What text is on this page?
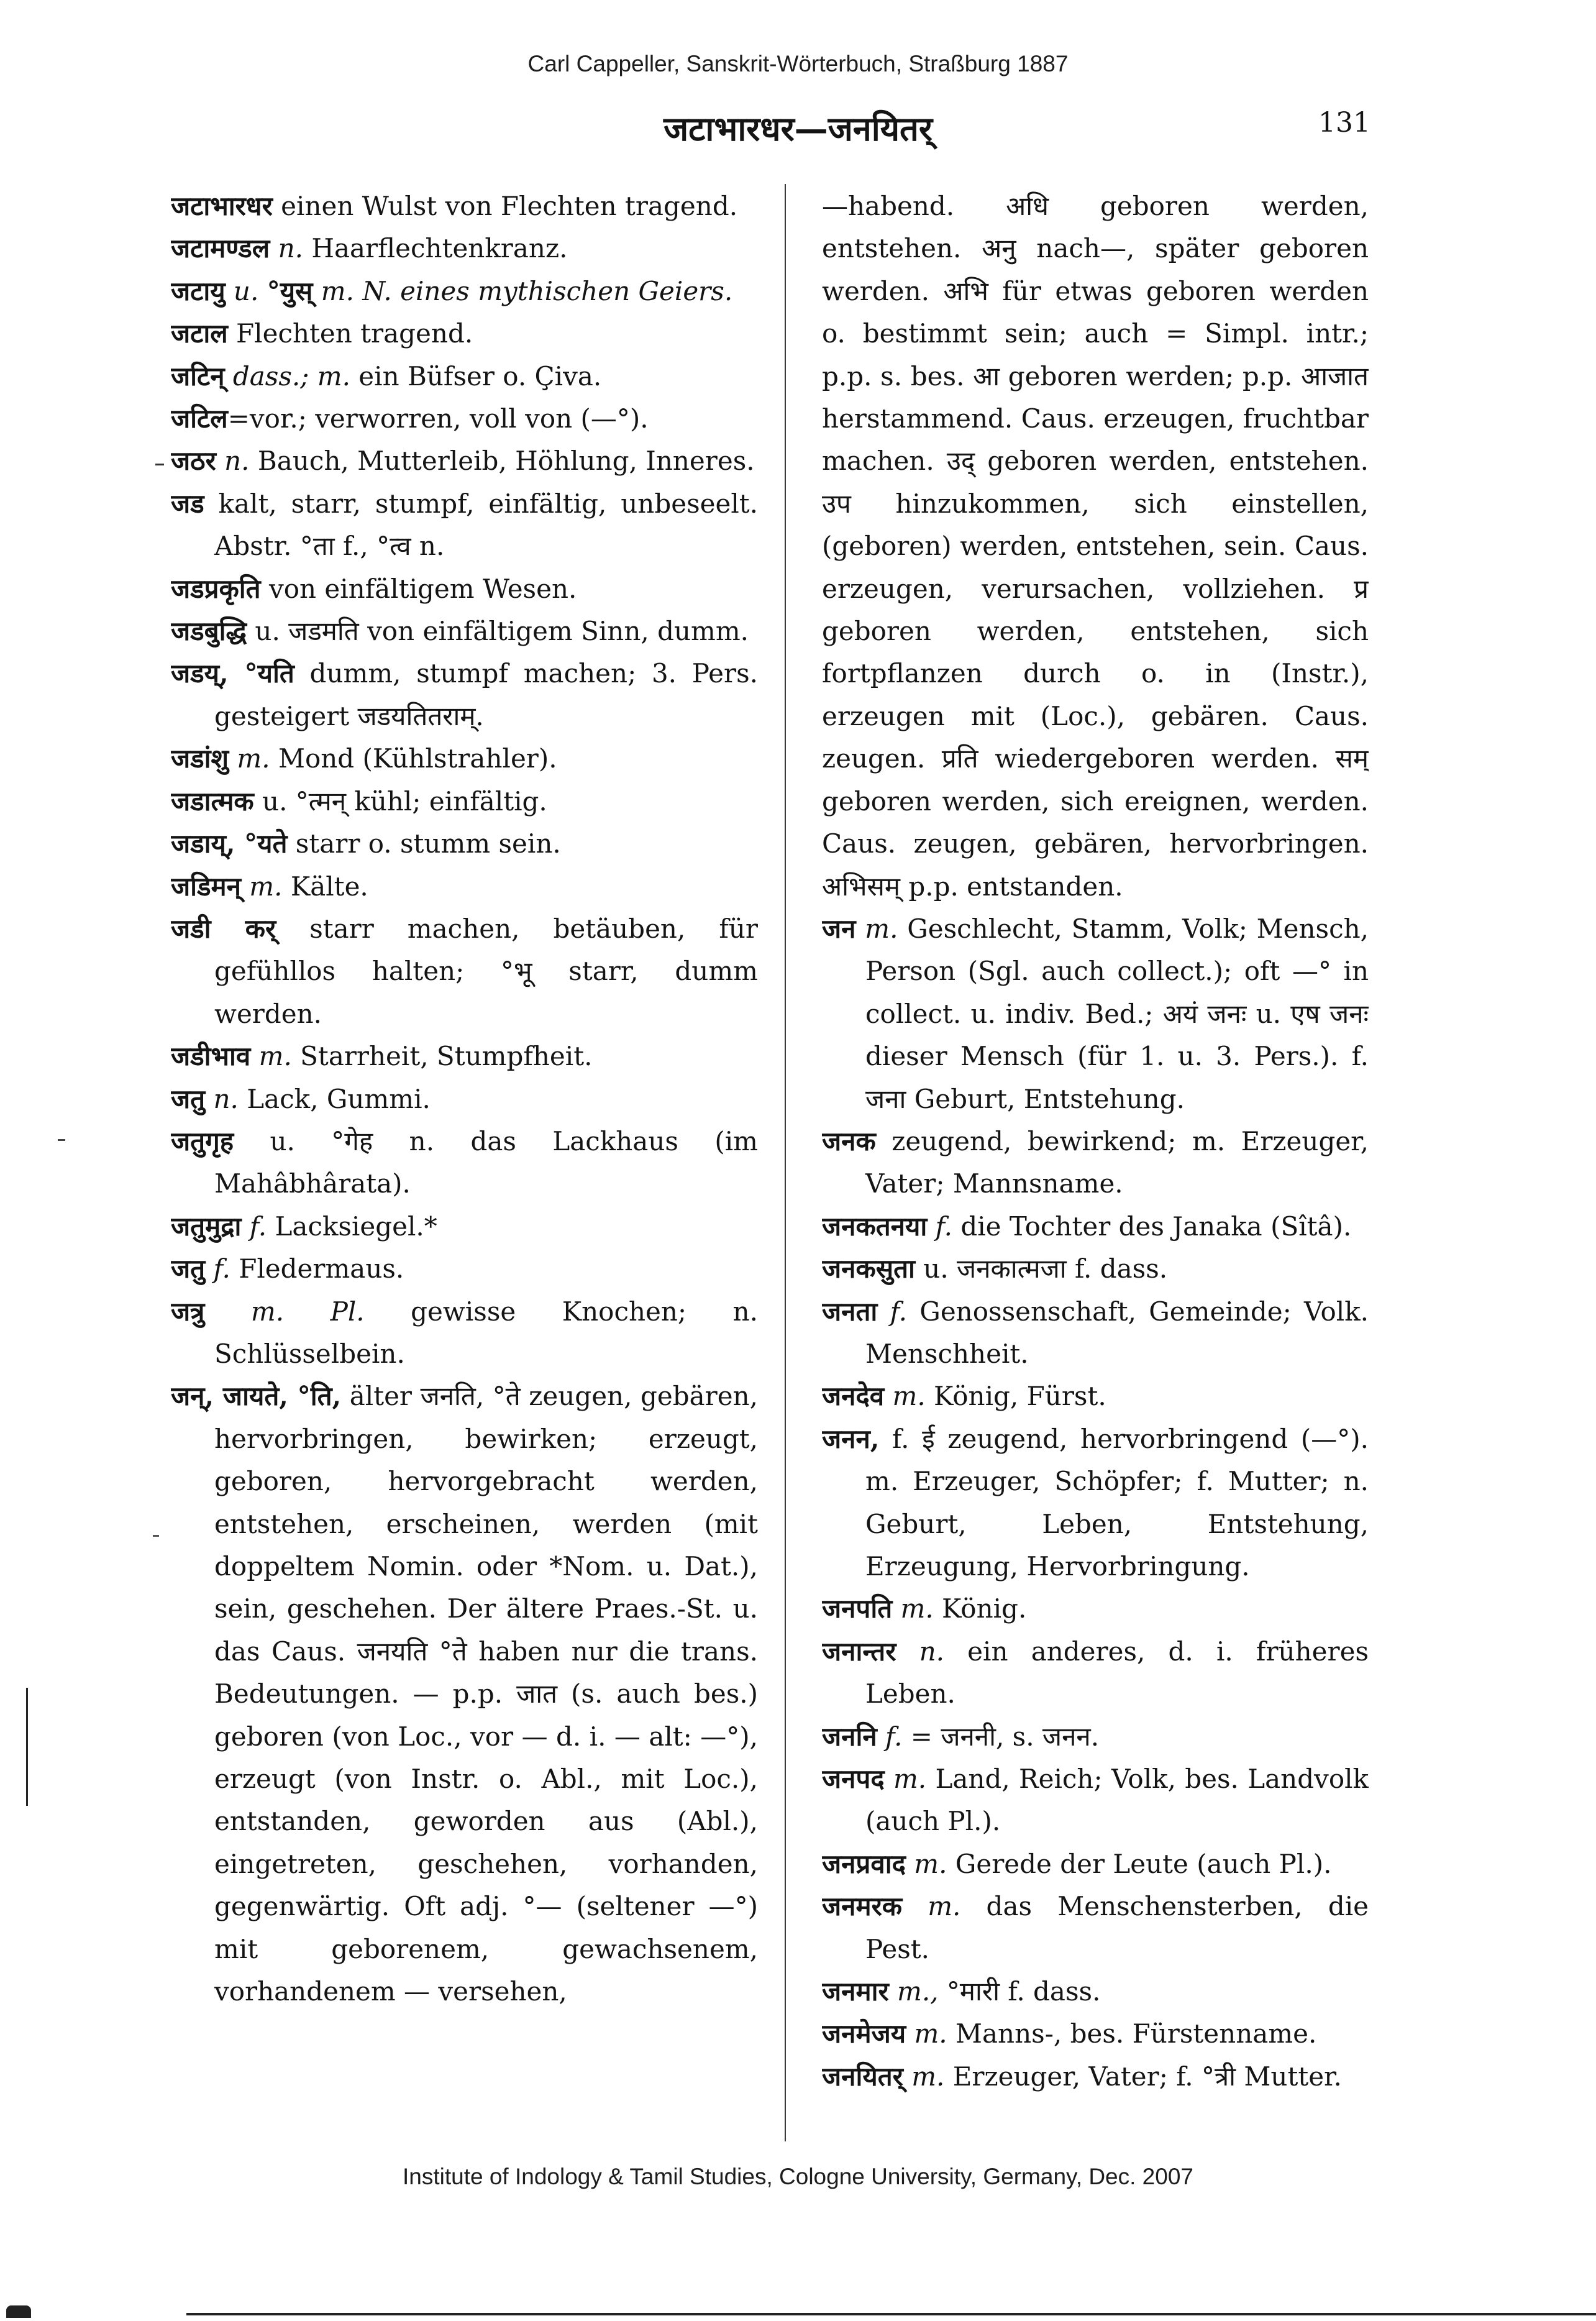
Carl Cappeller, Sanskrit-Wörterbuch, Straßburg 1887
जटाभारधर—जनयितर्	131

जटाभारधर einen Wulst von Flechten tragend.

जटामण्डल n. Haarflechtenkranz.

जटायु u. °युस् m. N. eines mythischen Geiers.

जटाल Flechten tragend.

जटिन् dass.; m. ein Büfser o. Çiva.

जटिल=vor.; verworren, voll von (—°).

जठर n. Bauch, Mutterleib, Höhlung, Inneres.

जड kalt, starr, stumpf, einfältig, unbeseelt. Abstr. °ता f., °त्व n.

जडप्रकृति von einfältigem Wesen.

जडबुद्धि u. जडमति von einfältigem Sinn, dumm.

जडय्, °यति dumm, stumpf machen; 3. Pers. gesteigert जडयतितराम्.

जडांशु m. Mond (Kühlstrahler).

जडात्मक u. °त्मन् kühl; einfältig.

जडाय्, °यते starr o. stumm sein.

जडिमन् m. Kälte.

जडी कर् starr machen, betäuben, für gefühllos halten; °भू starr, dumm werden.

जडीभाव m. Starrheit, Stumpfheit.

जतु n. Lack, Gummi.

जतुगृह u. °गेह n. das Lackhaus (im Mahâbhârata).

जतुमुद्रा f. Lacksiegel.*

जतु f. Fledermaus.

जत्रु m. Pl. gewisse Knochen; n. Schlüsselbein.

जन्, जायते, °ति, älter जनति, °ते zeugen, gebären, hervorbringen, bewirken; erzeugt, geboren, hervorgebracht werden, entstehen, erscheinen, werden (mit doppeltem Nomin. oder *Nom. u. Dat.), sein, geschehen. Der ältere Praes.-St. u. das Caus. जनयति °ते haben nur die trans. Bedeutungen. — p.p. जात (s. auch bes.) geboren (von Loc., vor — d. i. — alt: —°), erzeugt (von Instr. o. Abl., mit Loc.), entstanden, geworden aus (Abl.), eingetreten, geschehen, vorhanden, gegenwärtig. Oft adj. °— (seltener —°) mit geborenem, gewachsenem, vorhandenem — versehen,

—habend. अधि geboren werden, entstehen. अनु nach—, später geboren werden. अभि für etwas geboren werden o. bestimmt sein; auch = Simpl. intr.; p.p. s. bes. आ geboren werden; p.p. आजात herstammend. Caus. erzeugen, fruchtbar machen. उद् geboren werden, entstehen. उप hinzukommen, sich einstellen, (geboren) werden, entstehen, sein. Caus. erzeugen, verursachen, vollziehen. प्र geboren werden, entstehen, sich fortpflanzen durch o. in (Instr.), erzeugen mit (Loc.), gebären. Caus. zeugen. प्रति wiedergeboren werden. सम् geboren werden, sich ereignen, werden. Caus. zeugen, gebären, hervorbringen. अभिसम् p.p. entstanden.

जन m. Geschlecht, Stamm, Volk; Mensch, Person (Sgl. auch collect.); oft —° in collect. u. indiv. Bed.; अयं जनः u. एष जनः dieser Mensch (für 1. u. 3. Pers.). f. जना Geburt, Entstehung.

जनक zeugend, bewirkend; m. Erzeuger, Vater; Mannsname.

जनकतनया f. die Tochter des Janaka (Sîtâ).

जनकसुता u. जनकात्मजा f. dass.

जनता f. Genossenschaft, Gemeinde; Volk. Menschheit.

जनदेव m. König, Fürst.

जनन, f. ई zeugend, hervorbringend (—°). m. Erzeuger, Schöpfer; f. Mutter; n. Geburt, Leben, Entstehung, Erzeugung, Hervorbringung.

जनपति m. König.

जनान्तर n. ein anderes, d. i. früheres Leben.

जननि f. = जननी, s. जनन.

जनपद m. Land, Reich; Volk, bes. Landvolk (auch Pl.).

जनप्रवाद m. Gerede der Leute (auch Pl.).

जनमरक m. das Menschensterben, die Pest.

जनमार m., °मारी f. dass.

जनमेजय m. Manns-, bes. Fürstenname.

जनयितर् m. Erzeuger, Vater; f. °त्री Mutter.

Institute of Indology & Tamil Studies, Cologne University, Germany, Dec. 2007
